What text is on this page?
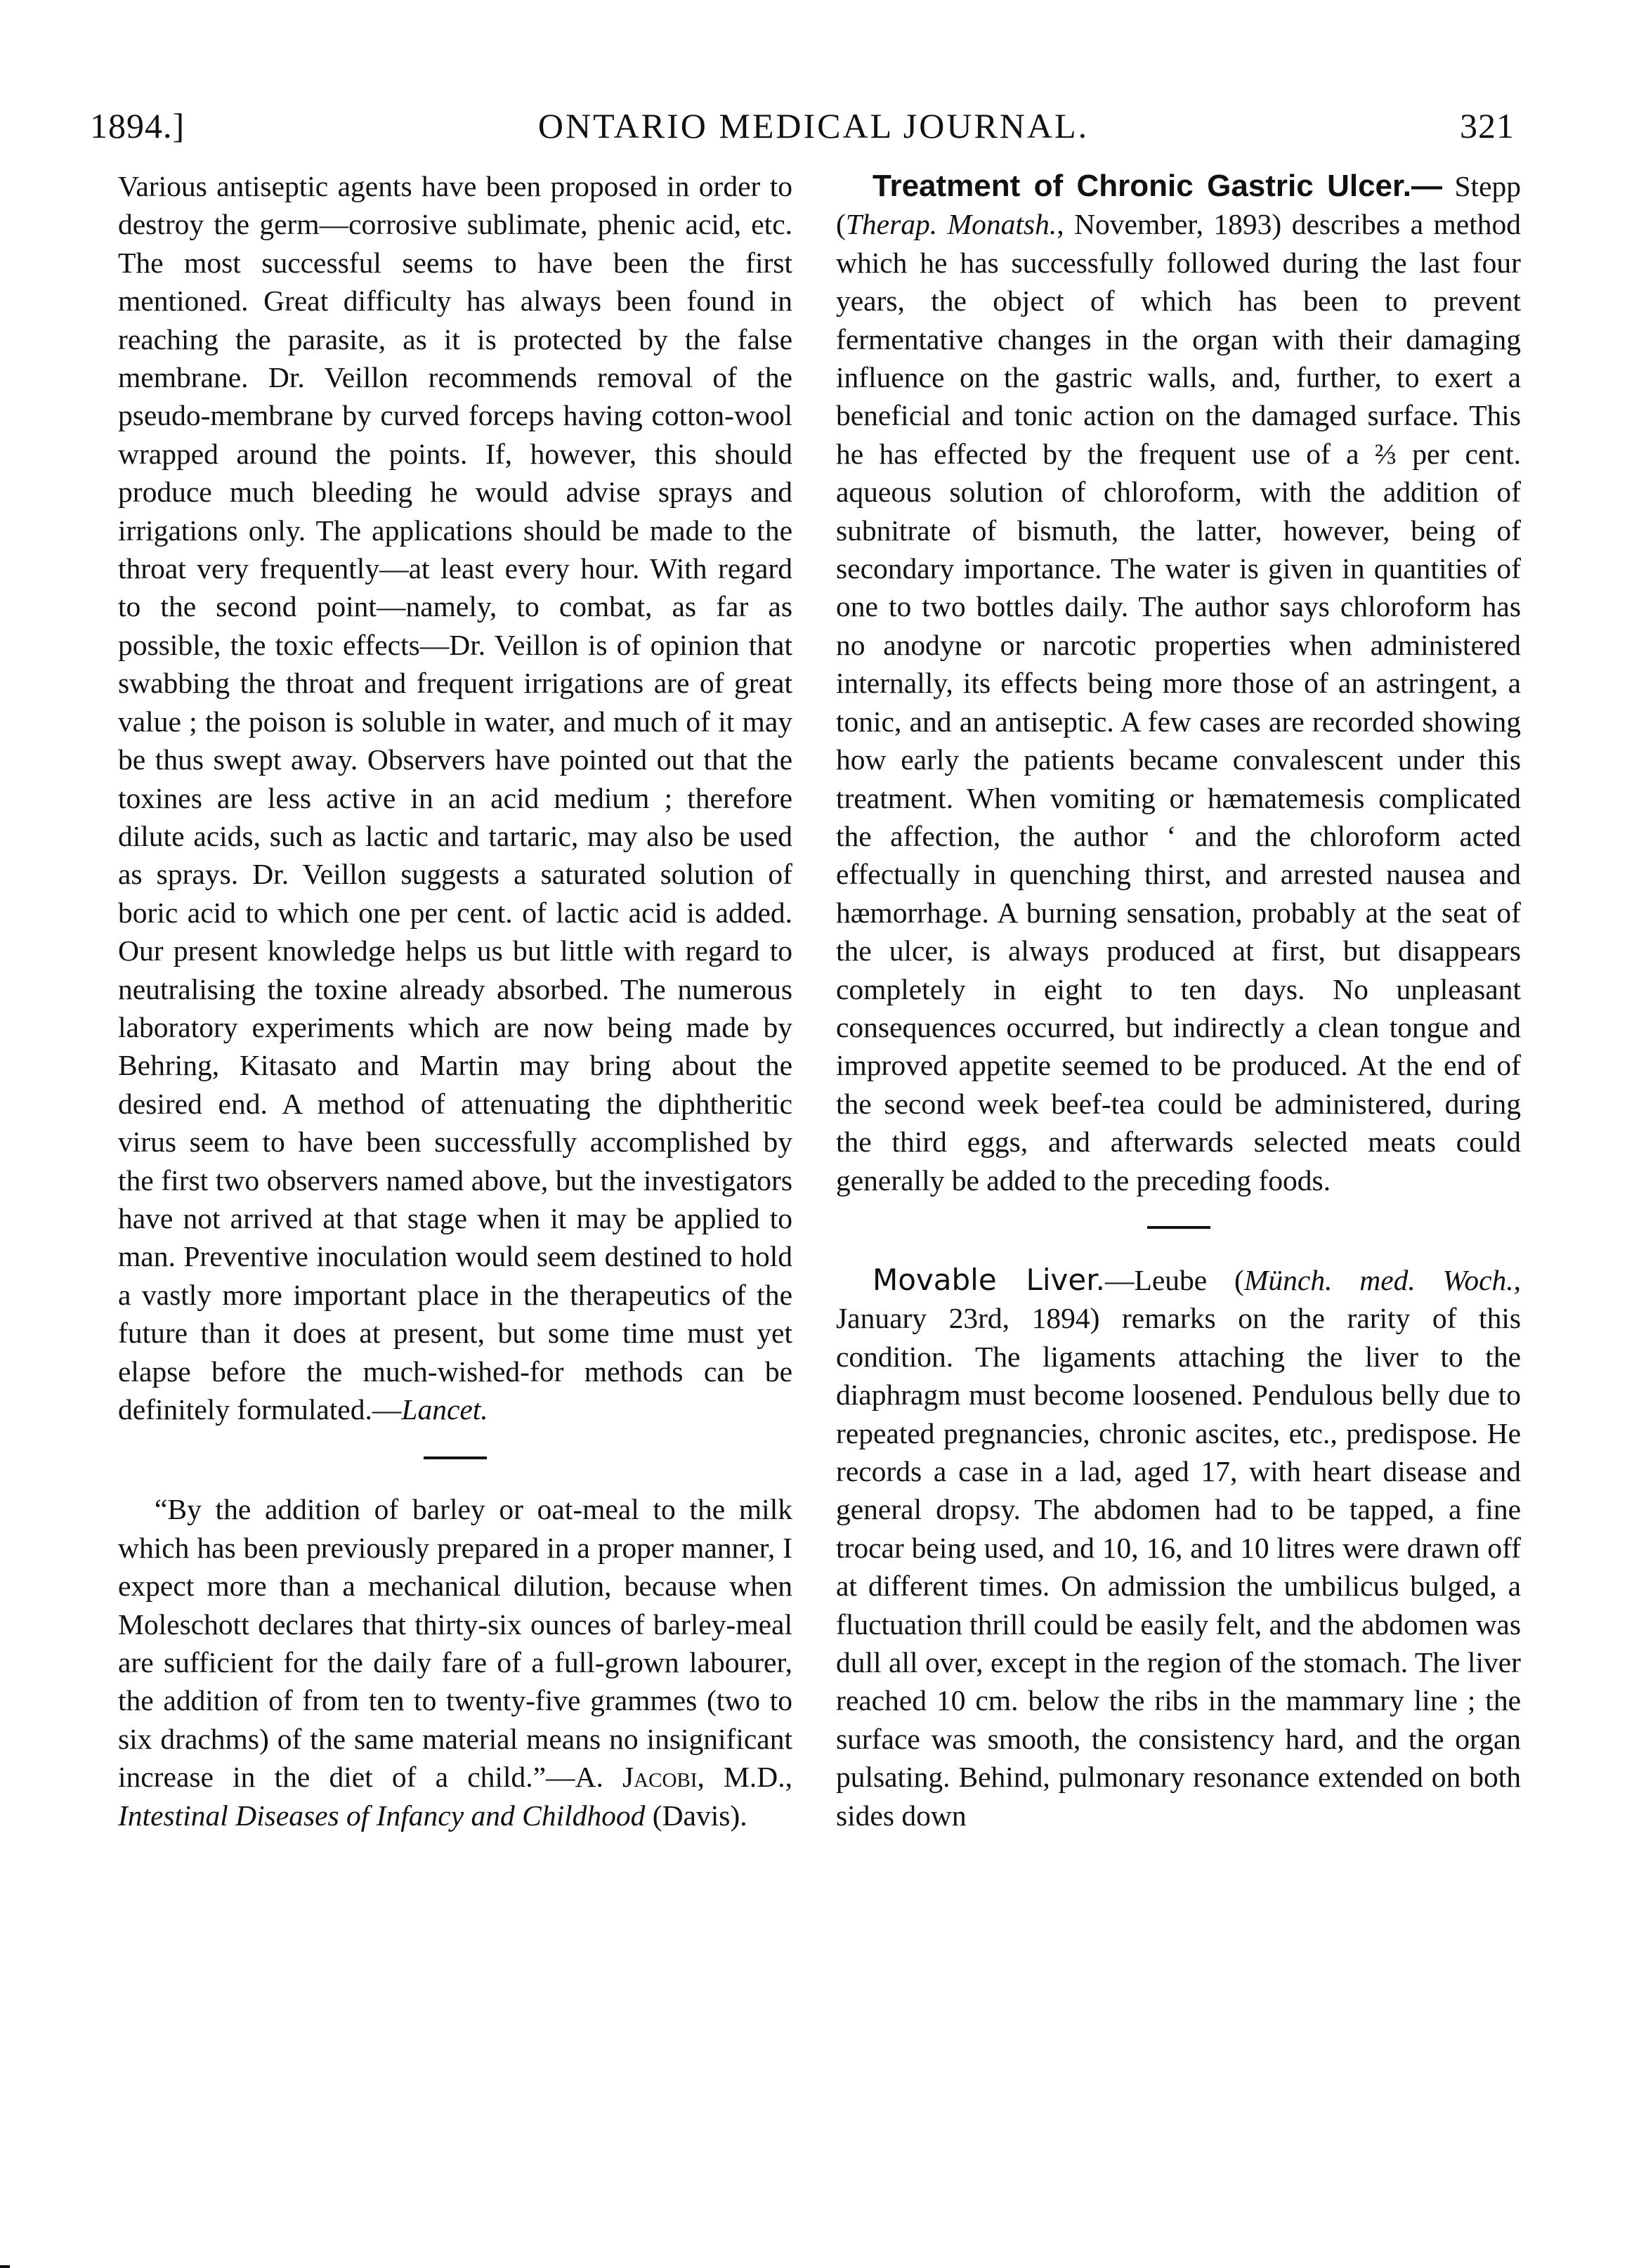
1894.]	ONTARIO MEDICAL JOURNAL.	321

Various antiseptic agents have been proposed in order to destroy the germ—corrosive sublimate, phenic acid, etc. The most successful seems to have been the first mentioned. Great difficulty has always been found in reaching the parasite, as it is protected by the false membrane. Dr. Veillon recommends removal of the pseudo-membrane by curved forceps having cotton-wool wrapped around the points. If, however, this should produce much bleeding he would advise sprays and irrigations only. The applications should be made to the throat very frequently—at least every hour. With regard to the second point—namely, to combat, as far as possible, the toxic effects—Dr. Veillon is of opinion that swabbing the throat and frequent irrigations are of great value ; the poison is soluble in water, and much of it may be thus swept away. Observers have pointed out that the toxines are less active in an acid medium ; therefore dilute acids, such as lactic and tartaric, may also be used as sprays. Dr. Veillon suggests a saturated solution of boric acid to which one per cent. of lactic acid is added. Our present knowledge helps us but little with regard to neutralising the toxine already absorbed. The numerous laboratory experiments which are now being made by Behring, Kitasato and Martin may bring about the desired end. A method of attenuating the diphtheritic virus seem to have been successfully accomplished by the first two observers named above, but the investigators have not arrived at that stage when it may be applied to man. Preventive inoculation would seem destined to hold a vastly more important place in the therapeutics of the future than it does at present, but some time must yet elapse before the much-wished-for methods can be definitely formulated.—Lancet.

“By the addition of barley or oat-meal to the milk which has been previously prepared in a proper manner, I expect more than a mechanical dilution, because when Moleschott declares that thirty-six ounces of barley-meal are sufficient for the daily fare of a full-grown labourer, the addition of from ten to twenty-five grammes (two to six drachms) of the same material means no insignificant increase in the diet of a child.”—A. Jacobi, M.D., Intestinal Diseases of Infancy and Childhood (Davis).

Treatment of Chronic Gastric Ulcer.— Stepp (Therap. Monatsh., November, 1893) describes a method which he has successfully followed during the last four years, the object of which has been to prevent fermentative changes in the organ with their damaging influence on the gastric walls, and, further, to exert a beneficial and tonic action on the damaged surface. This he has effected by the frequent use of a ⅔ per cent. aqueous solution of chloroform, with the addition of subnitrate of bismuth, the latter, however, being of secondary importance. The water is given in quantities of one to two bottles daily. The author says chloroform has no anodyne or narcotic properties when administered internally, its effects being more those of an astringent, a tonic, and an antiseptic. A few cases are recorded showing how early the patients became convalescent under this treatment. When vomiting or hæmatemesis complicated the affection, the author ʻ and the chloroform acted effectually in quenching thirst, and arrested nausea and hæmorrhage. A burning sensation, probably at the seat of the ulcer, is always produced at first, but disappears completely in eight to ten days. No unpleasant consequences occurred, but indirectly a clean tongue and improved appetite seemed to be produced. At the end of the second week beef-tea could be administered, during the third eggs, and afterwards selected meats could generally be added to the preceding foods.

Movable Liver.—Leube (Münch. med. Woch., January 23rd, 1894) remarks on the rarity of this condition. The ligaments attaching the liver to the diaphragm must become loosened. Pendulous belly due to repeated pregnancies, chronic ascites, etc., predispose. He records a case in a lad, aged 17, with heart disease and general dropsy. The abdomen had to be tapped, a fine trocar being used, and 10, 16, and 10 litres were drawn off at different times. On admission the umbilicus bulged, a fluctuation thrill could be easily felt, and the abdomen was dull all over, except in the region of the stomach. The liver reached 10 cm. below the ribs in the mammary line ; the surface was smooth, the consistency hard, and the organ pulsating. Behind, pulmonary resonance extended on both sides down
